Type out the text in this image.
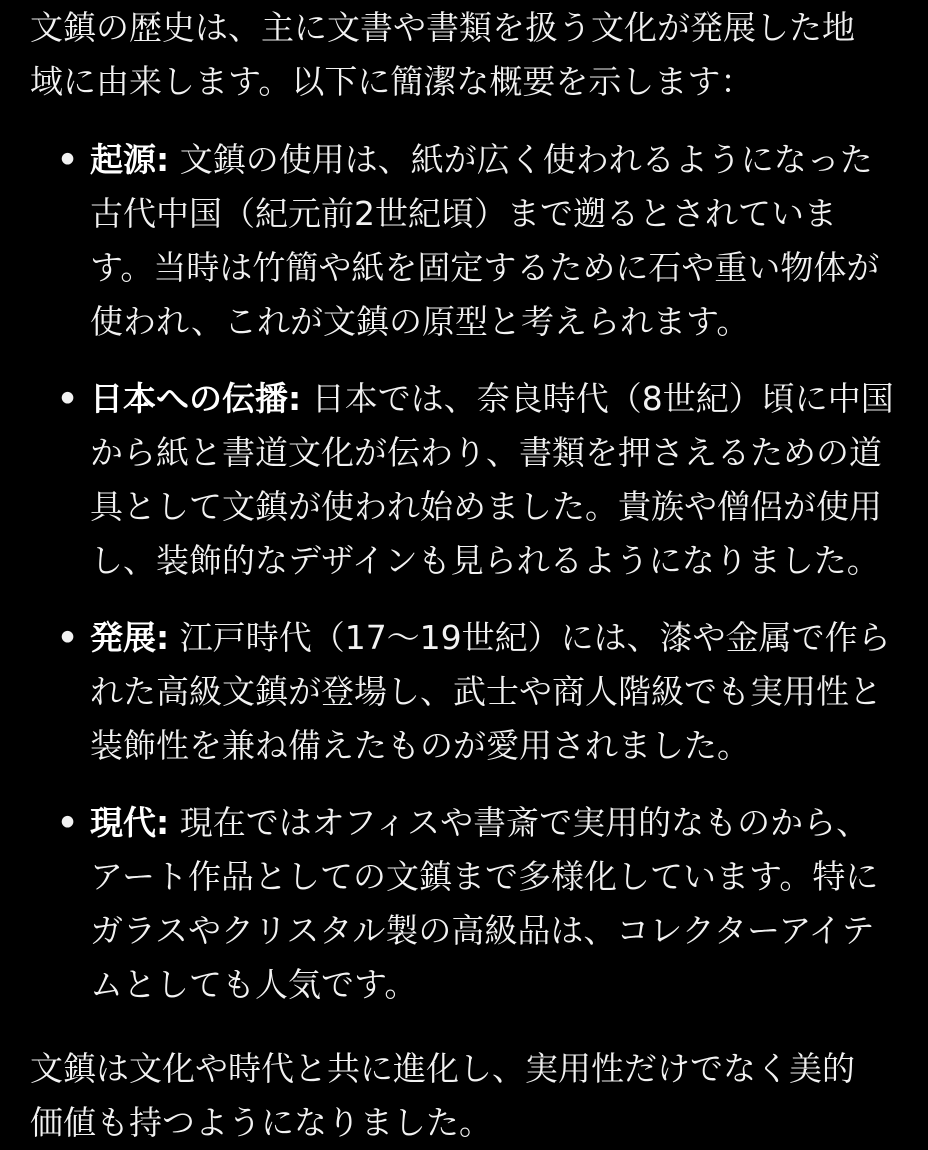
文鎮の歴史は、主に文書や書類を扱う文化が発展した地域に由来します。以下に簡潔な概要を示します：

• 起源: 文鎮の使用は、紙が広く使われるようになった古代中国（紀元前2世紀頃）まで遡るとされています。当時は竹簡や紙を固定するために石や重い物体が使われ、これが文鎮の原型と考えられます。
• 日本への伝播: 日本では、奈良時代（8世紀）頃に中国から紙と書道文化が伝わり、書類を押さえるための道具として文鎮が使われ始めました。貴族や僧侶が使用し、装飾的なデザインも見られるようになりました。
• 発展: 江戸時代（17〜19世紀）には、漆や金属で作られた高級文鎮が登場し、武士や商人階級でも実用性と装飾性を兼ね備えたものが愛用されました。
• 現代: 現在ではオフィスや書斎で実用的なものから、アート作品としての文鎮まで多様化しています。特にガラスやクリスタル製の高級品は、コレクターアイテムとしても人気です。

文鎮は文化や時代と共に進化し、実用性だけでなく美的価値も持つようになりました。
